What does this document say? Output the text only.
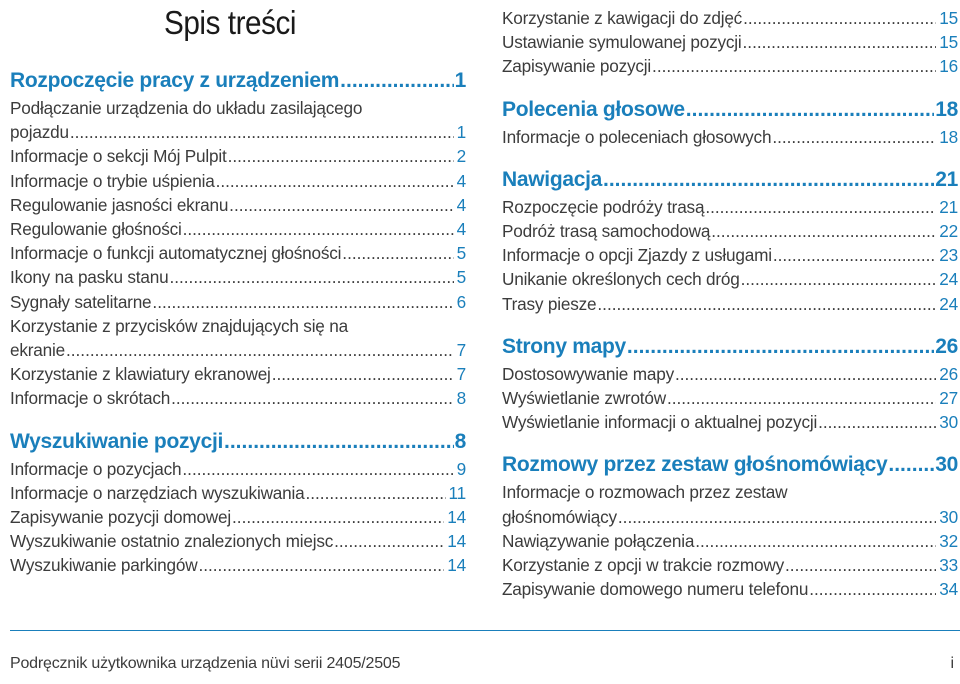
Spis treści
Rozpoczęcie pracy z urządzeniem .....	1
Podłączanie urządzenia do układu zasilającego
pojazdu .....	1
Informacje o sekcji Mój Pulpit .....	2
Informacje o trybie uśpienia .....	4
Regulowanie jasności ekranu .....	4
Regulowanie głośności .....	4
Informacje o funkcji automatycznej głośności .....	5
Ikony na pasku stanu .....	5
Sygnały satelitarne .....	6
Korzystanie z przycisków znajdujących się na
ekranie .....	7
Korzystanie z klawiatury ekranowej .....	7
Informacje o skrótach .....	8
Wyszukiwanie pozycji .....	8
Informacje o pozycjach .....	9
Informacje o narzędziach wyszukiwania .....	11
Zapisywanie pozycji domowej .....	14
Wyszukiwanie ostatnio znalezionych miejsc .....	14
Wyszukiwanie parkingów .....	14
Korzystanie z kawigacji do zdjęć .....	15
Ustawianie symulowanej pozycji .....	15
Zapisywanie pozycji .....	16
Polecenia głosowe .....	18
Informacje o poleceniach głosowych .....	18
Nawigacja .....	21
Rozpoczęcie podróży trasą .....	21
Podróż trasą samochodową .....	22
Informacje o opcji Zjazdy z usługami .....	23
Unikanie określonych cech dróg .....	24
Trasy piesze .....	24
Strony mapy .....	26
Dostosowywanie mapy .....	26
Wyświetlanie zwrotów .....	27
Wyświetlanie informacji o aktualnej pozycji .....	30
Rozmowy przez zestaw głośnomówiący ..... 30
Informacje o rozmowach przez zestaw
głośnomówiący .....	30
Nawiązywanie połączenia .....	32
Korzystanie z opcji w trakcie rozmowy .....	33
Zapisywanie domowego numeru telefonu .....	34
Podręcznik użytkownika urządzenia nüvi serii 2405/2505	i
